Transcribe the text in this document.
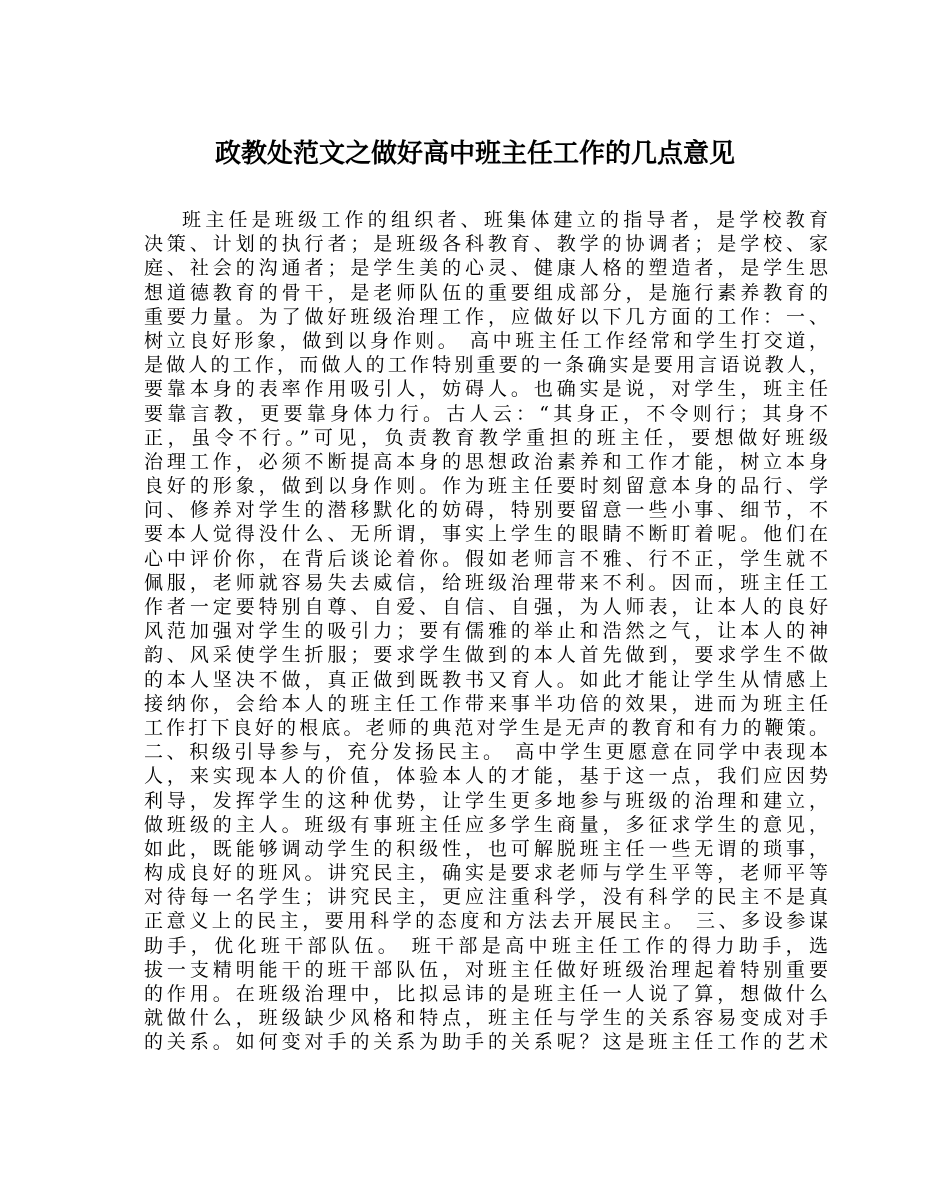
政教处范文之做好高中班主任工作的几点意见
班主任是班级工作的组织者、班集体建立的指导者，是学校教育
决策、计划的执行者；是班级各科教育、教学的协调者；是学校、家
庭、社会的沟通者；是学生美的心灵、健康人格的塑造者，是学生思
想道德教育的骨干，是老师队伍的重要组成部分，是施行素养教育的
重要力量。为了做好班级治理工作，应做好以下几方面的工作：一、
树立良好形象，做到以身作则。 高中班主任工作经常和学生打交道，
是做人的工作，而做人的工作特别重要的一条确实是要用言语说教人，
要靠本身的表率作用吸引人，妨碍人。也确实是说，对学生，班主任
要靠言教，更要靠身体力行。古人云：“其身正，不令则行；其身不
正，虽令不行。”可见，负责教育教学重担的班主任，要想做好班级
治理工作，必须不断提高本身的思想政治素养和工作才能，树立本身
良好的形象，做到以身作则。作为班主任要时刻留意本身的品行、学
问、修养对学生的潜移默化的妨碍，特别要留意一些小事、细节，不
要本人觉得没什么、无所谓，事实上学生的眼睛不断盯着呢。他们在
心中评价你，在背后谈论着你。假如老师言不雅、行不正，学生就不
佩服，老师就容易失去威信，给班级治理带来不利。因而，班主任工
作者一定要特别自尊、自爱、自信、自强，为人师表，让本人的良好
风范加强对学生的吸引力；要有儒雅的举止和浩然之气，让本人的神
韵、风采使学生折服；要求学生做到的本人首先做到，要求学生不做
的本人坚决不做，真正做到既教书又育人。如此才能让学生从情感上
接纳你，会给本人的班主任工作带来事半功倍的效果，进而为班主任
工作打下良好的根底。老师的典范对学生是无声的教育和有力的鞭策。
二、积级引导参与，充分发扬民主。 高中学生更愿意在同学中表现本
人，来实现本人的价值，体验本人的才能，基于这一点，我们应因势
利导，发挥学生的这种优势，让学生更多地参与班级的治理和建立，
做班级的主人。班级有事班主任应多学生商量，多征求学生的意见，
如此，既能够调动学生的积级性，也可解脱班主任一些无谓的琐事，
构成良好的班风。讲究民主，确实是要求老师与学生平等，老师平等
对待每一名学生；讲究民主，更应注重科学，没有科学的民主不是真
正意义上的民主，要用科学的态度和方法去开展民主。 三、多设参谋
助手，优化班干部队伍。 班干部是高中班主任工作的得力助手，选
拔一支精明能干的班干部队伍，对班主任做好班级治理起着特别重要
的作用。在班级治理中，比拟忌讳的是班主任一人说了算，想做什么
就做什么，班级缺少风格和特点，班主任与学生的关系容易变成对手
的关系。如何变对手的关系为助手的关系呢？这是班主任工作的艺术
